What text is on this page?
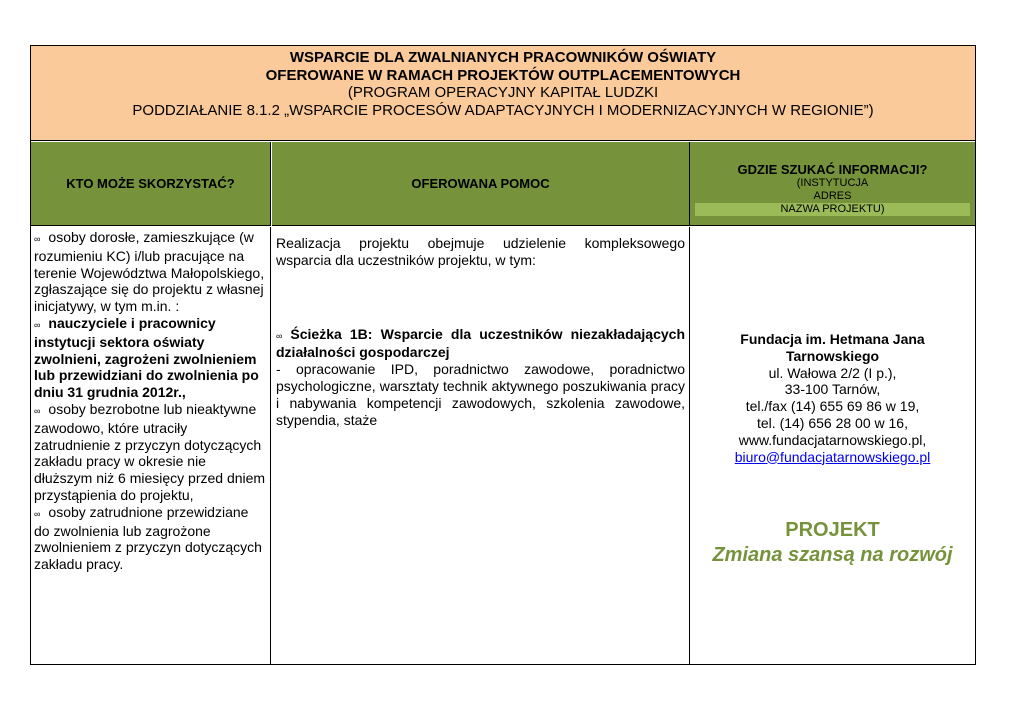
WSPARCIE DLA ZWALNIANYCH PRACOWNIKÓW OŚWIATY
OFEROWANE W RAMACH PROJEKTÓW OUTPLACEMENTOWYCH
(PROGRAM OPERACYJNY KAPITAŁ LUDZKI
PODDZIAŁANIE 8.1.2 „WSPARCIE PROCESÓW ADAPTACYJNYCH I MODERNIZACYJNYCH W REGIONIE”)
KTO MOŻE SKORZYSTAĆ?	OFEROWANA POMOC
GDZIE SZUKAĆ INFORMACJI?
(INSTYTUCJA
ADRES
NAZWA PROJEKTU)
∞ osoby dorosłe, zamieszkujące (w rozumieniu KC) i/lub pracujące na terenie Województwa Małopolskiego, zgłaszające się do projektu z własnej inicjatywy, w tym m.in. :
∞ nauczyciele i pracownicy instytucji sektora oświaty zwolnieni, zagrożeni zwolnieniem lub przewidziani do zwolnienia po dniu 31 grudnia 2012r.,
∞ osoby bezrobotne lub nieaktywne zawodowo, które utraciły zatrudnienie z przyczyn dotyczących zakładu pracy w okresie nie dłuższym niż 6 miesięcy przed dniem przystąpienia do projektu,
∞ osoby zatrudnione przewidziane do zwolnienia lub zagrożone zwolnieniem z przyczyn dotyczących zakładu pracy.
Realizacja projektu obejmuje udzielenie kompleksowego wsparcia dla uczestników projektu, w tym:
∞ Ścieżka 1B: Wsparcie dla uczestników niezakładających działalności gospodarczej
- opracowanie IPD, poradnictwo zawodowe, poradnictwo psychologiczne, warsztaty technik aktywnego poszukiwania pracy i nabywania kompetencji zawodowych, szkolenia zawodowe, stypendia, staże
Fundacja im. Hetmana Jana
Tarnowskiego
ul. Wałowa 2/2 (I p.),
33-100 Tarnów,
tel./fax (14) 655 69 86 w 19,
tel. (14) 656 28 00 w 16,
www.fundacjatarnowskiego.pl,
biuro@fundacjatarnowskiego.pl
PROJEKT
Zmiana szansą na rozwój
